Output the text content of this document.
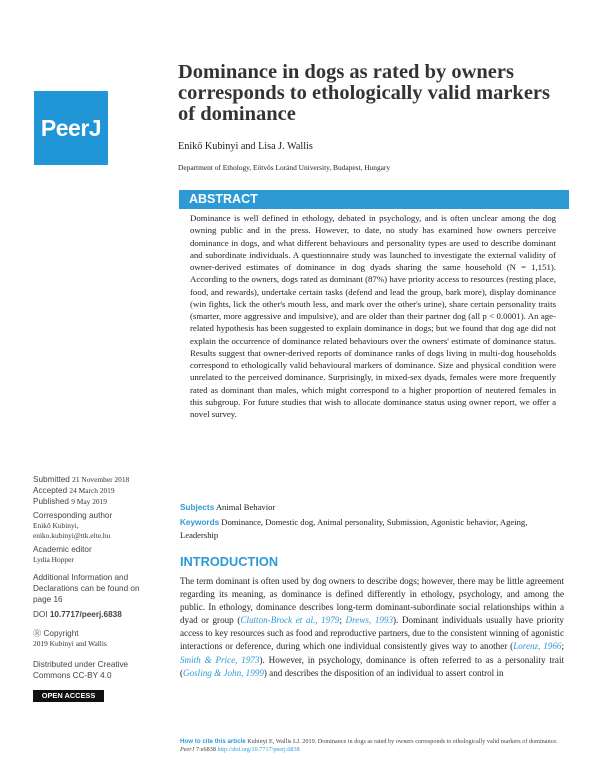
PeerJ
Dominance in dogs as rated by owners corresponds to ethologically valid markers of dominance
Enikő Kubinyi and Lisa J. Wallis
Department of Ethology, Eötvös Loránd University, Budapest, Hungary
ABSTRACT
Dominance is well defined in ethology, debated in psychology, and is often unclear among the dog owning public and in the press. However, to date, no study has examined how owners perceive dominance in dogs, and what different behaviours and personality types are used to describe dominant and subordinate individuals. A questionnaire study was launched to investigate the external validity of owner-derived estimates of dominance in dog dyads sharing the same household (N = 1,151). According to the owners, dogs rated as dominant (87%) have priority access to resources (resting place, food, and rewards), undertake certain tasks (defend and lead the group, bark more), display dominance (win fights, lick the other's mouth less, and mark over the other's urine), share certain personality traits (smarter, more aggressive and impulsive), and are older than their partner dog (all p < 0.0001). An age-related hypothesis has been suggested to explain dominance in dogs; but we found that dog age did not explain the occurrence of dominance related behaviours over the owners' estimate of dominance status. Results suggest that owner-derived reports of dominance ranks of dogs living in multi-dog households correspond to ethologically valid behavioural markers of dominance. Size and physical condition were unrelated to the perceived dominance. Surprisingly, in mixed-sex dyads, females were more frequently rated as dominant than males, which might correspond to a higher proportion of neutered females in this subgroup. For future studies that wish to allocate dominance status using owner report, we offer a novel survey.
Submitted 21 November 2018
Accepted 24 March 2019
Published 9 May 2019
Corresponding author
Enikő Kubinyi,
eniko.kubinyi@ttk.elte.hu
Academic editor
Lydia Hopper
Additional Information and Declarations can be found on page 16
DOI 10.7717/peerj.6838
Ⓡ Copyright
2019 Kubinyi and Wallis
Distributed under Creative Commons CC-BY 4.0
OPEN ACCESS
Subjects Animal Behavior
Keywords Dominance, Domestic dog, Animal personality, Submission, Agonistic behavior, Ageing, Leadership
INTRODUCTION
The term dominant is often used by dog owners to describe dogs; however, there may be little agreement regarding its meaning, as dominance is defined differently in ethology, psychology, and among the public. In ethology, dominance describes long-term dominant-subordinate social relationships within a dyad or group (Clutton-Brock et al., 1979; Drews, 1993). Dominant individuals usually have priority access to key resources such as food and reproductive partners, due to the consistent winning of agonistic interactions or deference, during which one individual consistently gives way to another (Lorenz, 1966; Smith & Price, 1973). However, in psychology, dominance is often referred to as a personality trait (Gosling & John, 1999) and describes the disposition of an individual to assert control in
How to cite this article Kubinyi E, Wallis LJ. 2019. Dominance in dogs as rated by owners corresponds to ethologically valid markers of dominance. PeerJ 7:e6838 http://doi.org/10.7717/peerj.6838
